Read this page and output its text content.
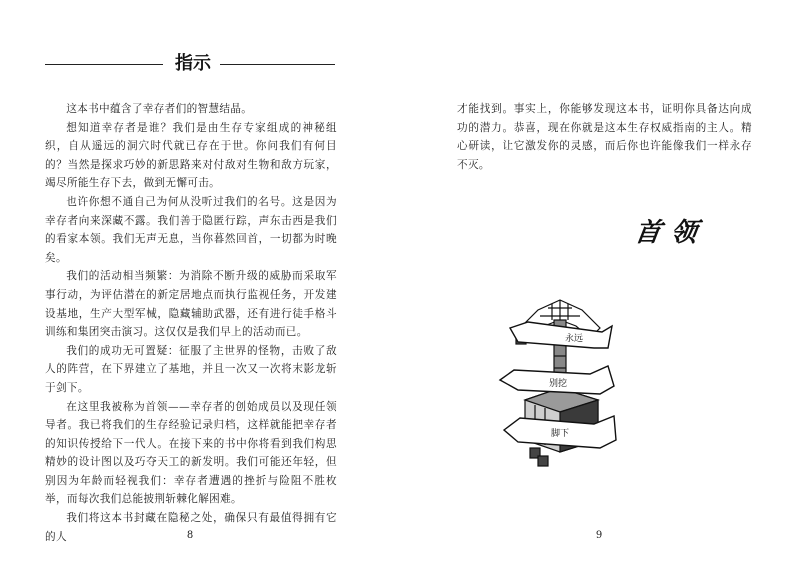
指示

这本书中蕴含了幸存者们的智慧结晶。

想知道幸存者是谁？我们是由生存专家组成的神秘组织，自从遥远的洞穴时代就已存在于世。你问我们有何目的？当然是探求巧妙的新思路来对付敌对生物和敌方玩家，竭尽所能生存下去，做到无懈可击。

也许你想不通自己为何从没听过我们的名号。这是因为幸存者向来深藏不露。我们善于隐匿行踪，声东击西是我们的看家本领。我们无声无息，当你暮然回首，一切都为时晚矣。

我们的活动相当频繁：为消除不断升级的威胁而采取军事行动，为评估潜在的新定居地点而执行监视任务，开发建设基地，生产大型军械，隐藏辅助武器，还有进行徒手格斗训练和集团突击演习。这仅仅是我们早上的活动而已。

我们的成功无可置疑：征服了主世界的怪物，击败了敌人的阵营，在下界建立了基地，并且一次又一次将末影龙斩于剑下。

在这里我被称为首领——幸存者的创始成员以及现任领导者。我已将我们的生存经验记录归档，这样就能把幸存者的知识传授给下一代人。在接下来的书中你将看到我们构思精妙的设计图以及巧夺天工的新发明。我们可能还年轻，但别因为年龄而轻视我们：幸存者遭遇的挫折与险阻不胜枚举，而每次我们总能披荆斩棘化解困难。

我们将这本书封藏在隐秘之处，确保只有最值得拥有它的人	8

才能找到。事实上，你能够发现这本书，证明你具备达向成功的潜力。恭喜，现在你就是这本生存权威指南的主人。精心研读，让它激发你的灵感，而后你也许能像我们一样永存不灭。

首领
永远
别挖
脚下
9
